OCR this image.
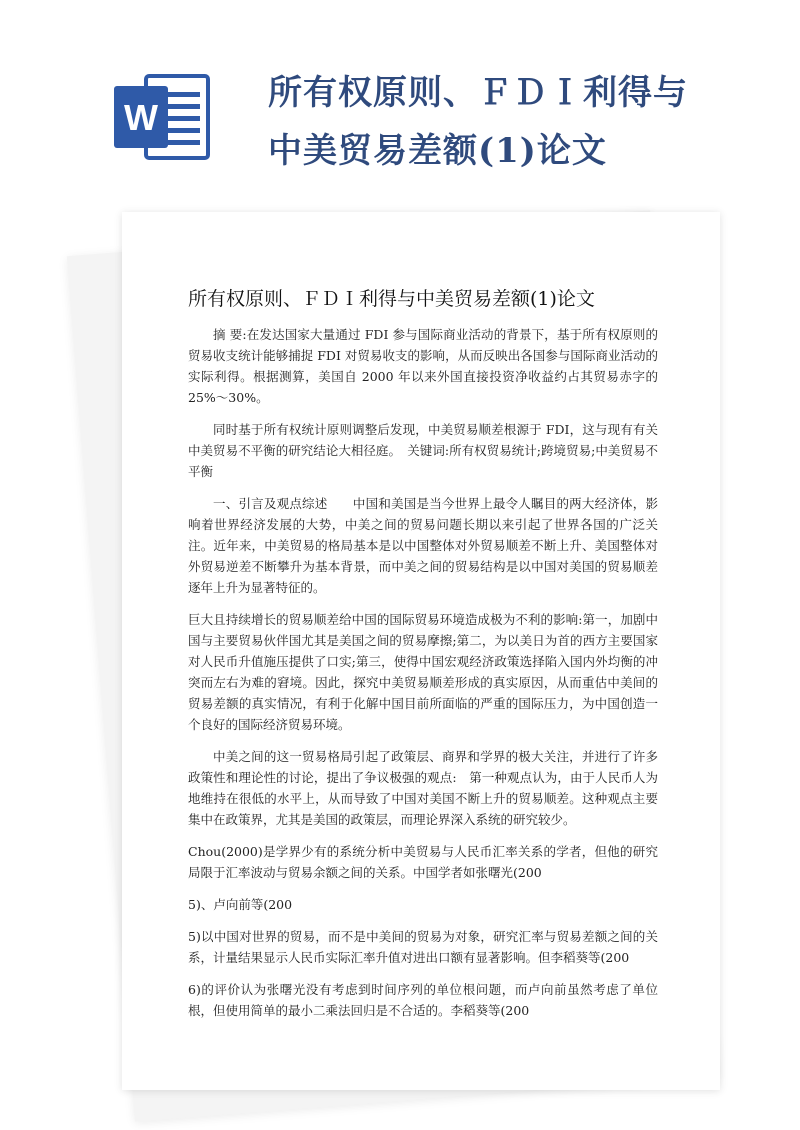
W
所有权原则、ＦＤＩ利得与中美贸易差额(1)论文
所有权原则、ＦＤＩ利得与中美贸易差额(1)论文

摘 要:在发达国家大量通过 FDI 参与国际商业活动的背景下，基于所有权原则的贸易收支统计能够捕捉 FDI 对贸易收支的影响，从而反映出各国参与国际商业活动的实际利得。根据测算，美国自 2000 年以来外国直接投资净收益约占其贸易赤字的 25%～30%。

同时基于所有权统计原则调整后发现，中美贸易顺差根源于 FDI，这与现有有关中美贸易不平衡的研究结论大相径庭。　关键词:所有权贸易统计;跨境贸易;中美贸易不平衡

一、引言及观点综述　　中国和美国是当今世界上最令人瞩目的两大经济体，影响着世界经济发展的大势，中美之间的贸易问题长期以来引起了世界各国的广泛关注。近年来，中美贸易的格局基本是以中国整体对外贸易顺差不断上升、美国整体对外贸易逆差不断攀升为基本背景，而中美之间的贸易结构是以中国对美国的贸易顺差逐年上升为显著特征的。

巨大且持续增长的贸易顺差给中国的国际贸易环境造成极为不利的影响:第一，加剧中国与主要贸易伙伴国尤其是美国之间的贸易摩擦;第二，为以美日为首的西方主要国家对人民币升值施压提供了口实;第三，使得中国宏观经济政策选择陷入国内外均衡的冲突而左右为难的窘境。因此，探究中美贸易顺差形成的真实原因，从而重估中美间的贸易差额的真实情况，有利于化解中国目前所面临的严重的国际压力，为中国创造一个良好的国际经济贸易环境。

中美之间的这一贸易格局引起了政策层、商界和学界的极大关注，并进行了许多政策性和理论性的讨论，提出了争议极强的观点:　第一种观点认为，由于人民币人为地维持在很低的水平上，从而导致了中国对美国不断上升的贸易顺差。这种观点主要集中在政策界，尤其是美国的政策层，而理论界深入系统的研究较少。

Chou(2000)是学界少有的系统分析中美贸易与人民币汇率关系的学者，但他的研究局限于汇率波动与贸易余额之间的关系。中国学者如张曙光(200

5)、卢向前等(200

5)以中国对世界的贸易，而不是中美间的贸易为对象，研究汇率与贸易差额之间的关系，计量结果显示人民币实际汇率升值对进出口额有显著影响。但李稻葵等(200

6)的评价认为张曙光没有考虑到时间序列的单位根问题，而卢向前虽然考虑了单位根，但使用简单的最小二乘法回归是不合适的。李稻葵等(200
